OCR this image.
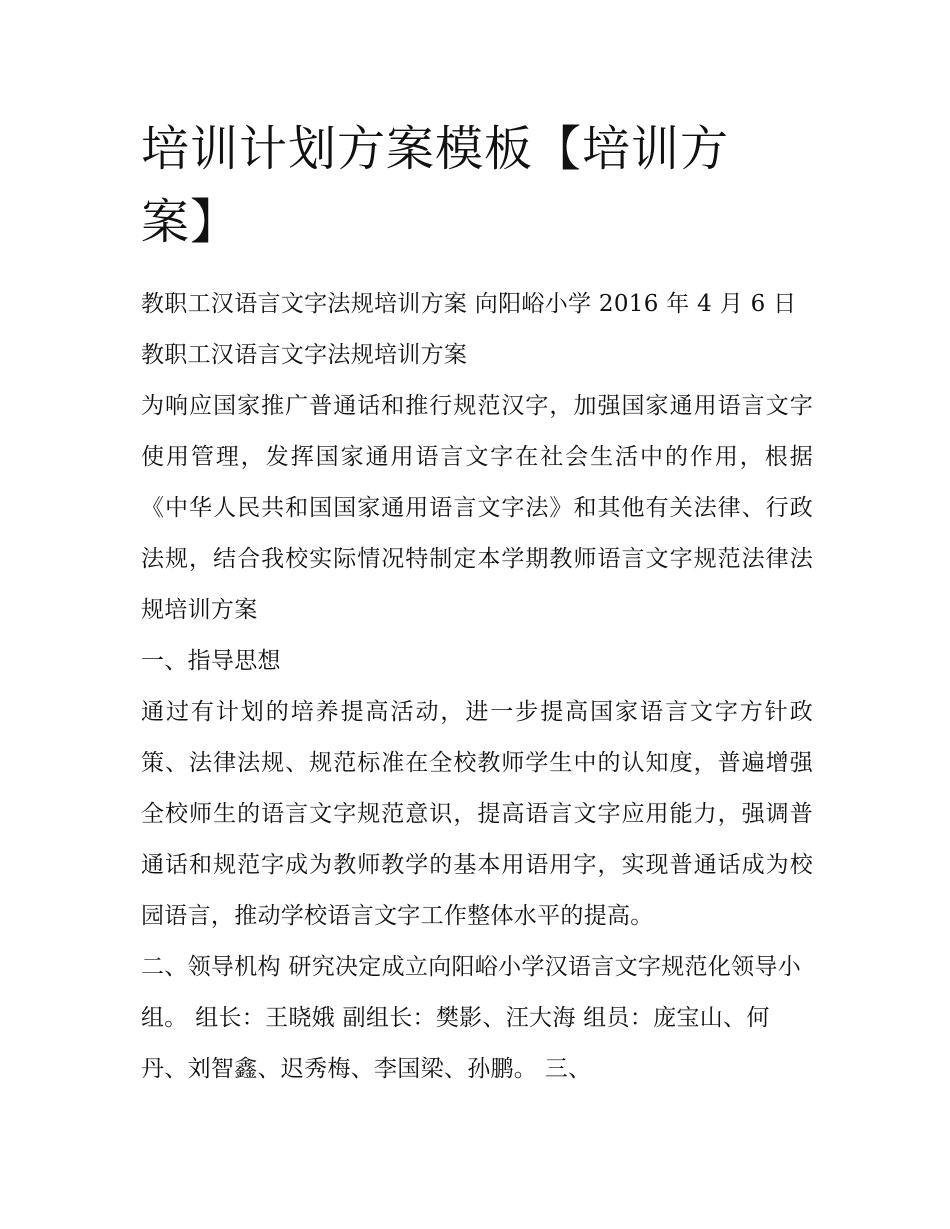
培训计划方案模板【培训方案】

教职工汉语言文字法规培训方案 向阳峪小学 2016 年 4 月 6 日

教职工汉语言文字法规培训方案

为响应国家推广普通话和推行规范汉字，加强国家通用语言文字使用管理，发挥国家通用语言文字在社会生活中的作用，根据《中华人民共和国国家通用语言文字法》和其他有关法律、行政法规，结合我校实际情况特制定本学期教师语言文字规范法律法规培训方案

一、指导思想

通过有计划的培养提高活动，进一步提高国家语言文字方针政策、法律法规、规范标准在全校教师学生中的认知度，普遍增强全校师生的语言文字规范意识，提高语言文字应用能力，强调普通话和规范字成为教师教学的基本用语用字，实现普通话成为校园语言，推动学校语言文字工作整体水平的提高。

二、领导机构 研究决定成立向阳峪小学汉语言文字规范化领导小组。 组长：王晓娥 副组长：樊影、汪大海 组员：庞宝山、何丹、刘智鑫、迟秀梅、李国梁、孙鹏。 三、
